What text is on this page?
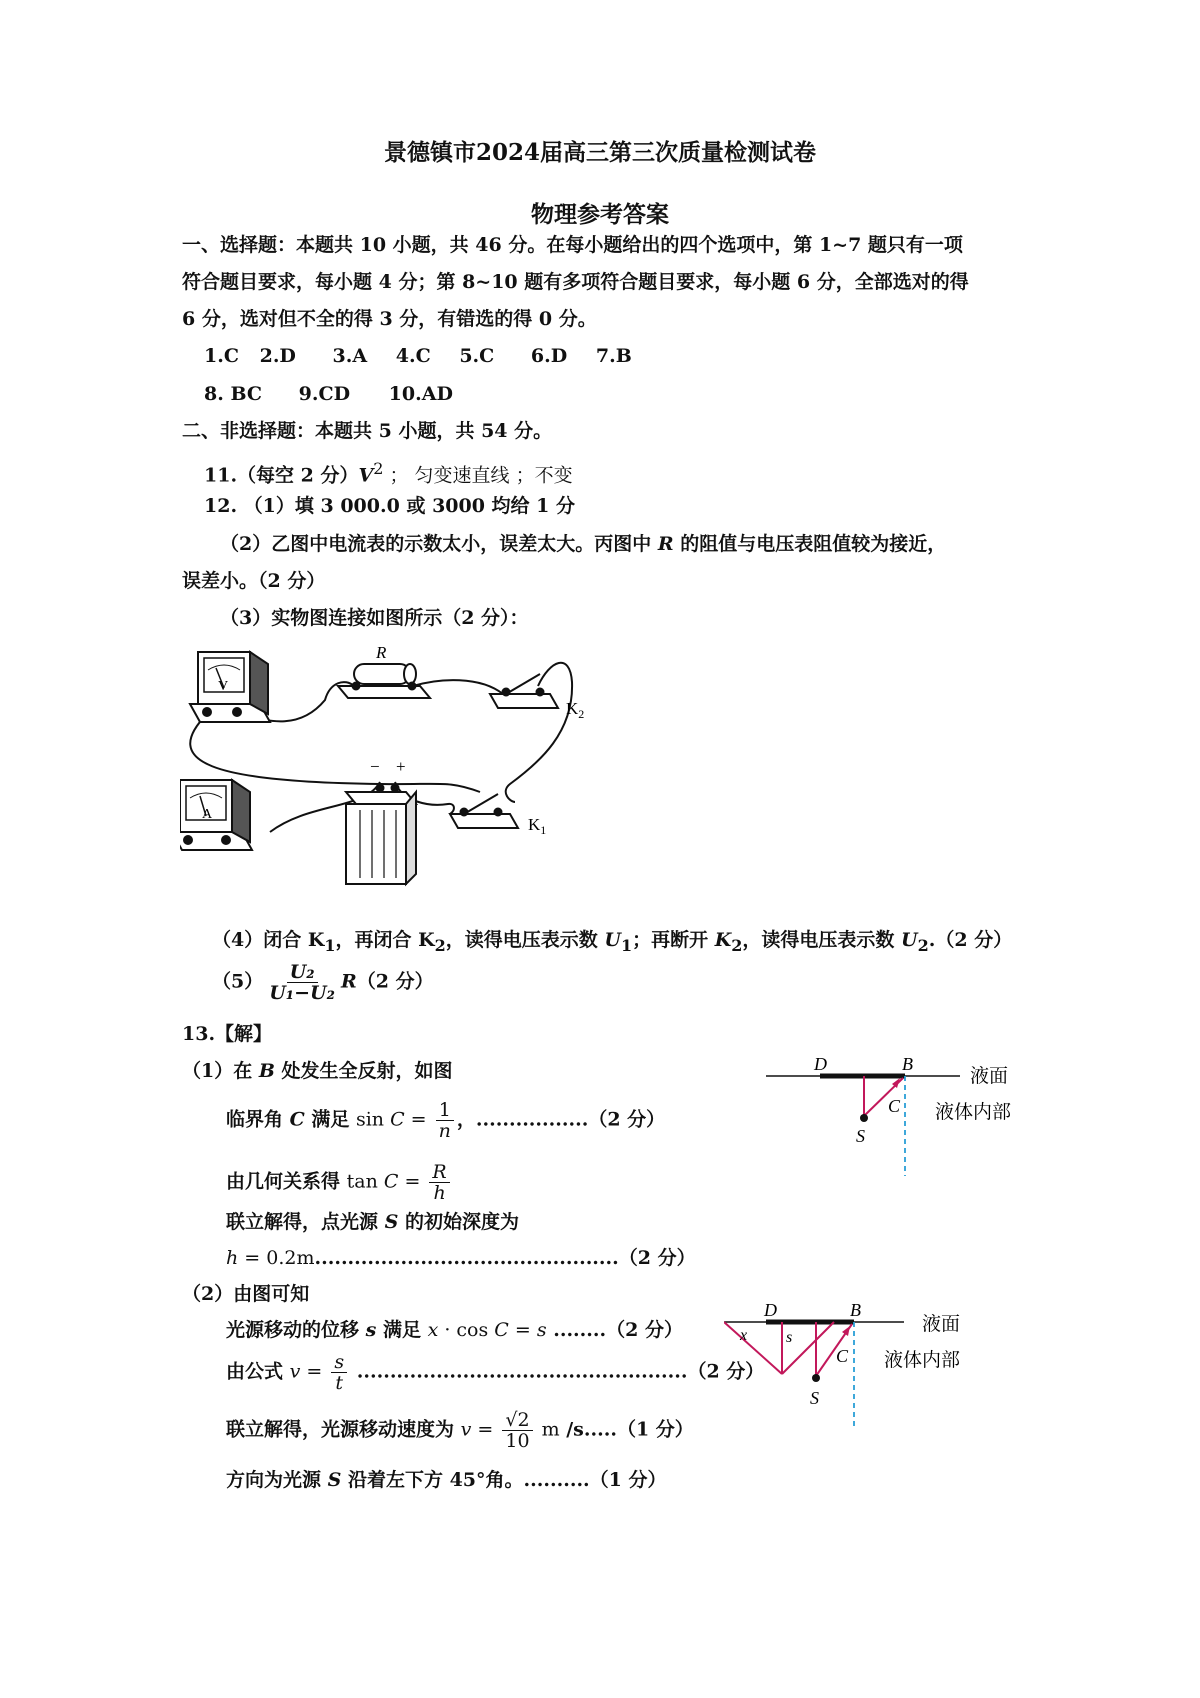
景德镇市2024届高三第三次质量检测试卷
物理参考答案
一、选择题：本题共 10 小题，共 46 分。在每小题给出的四个选项中，第 1~7 题只有一项
符合题目要求，每小题 4 分；第 8~10 题有多项符合题目要求，每小题 6 分，全部选对的得
6 分，选对但不全的得 3 分，有错选的得 0 分。
1.C 2.D 3.A 4.C 5.C 6.D 7.B
8. BC 9.CD 10.AD
二、非选择题：本题共 5 小题，共 54 分。
11.（每空 2 分）$V^2$ ； 匀变速直线 ；不变
12. （1）填 3 000.0 或 3000 均给 1 分
（2）乙图中电流表的示数太小，误差太大。丙图中 R 的阻值与电压表阻值较为接近，
误差小。（2 分）
（3）实物图连接如图所示（2 分）：
V
A
R
$K_2$
$K_1$
− +
（4）闭合 $K_1$，再闭合 $K_2$，读得电压表示数 $U_1$；再断开 $K_2$，读得电压表示数 $U_2.(2$ 分）
$(5) \frac{\text{U₂}}{\text{U₁−U₂}} R(2$ 分）
13.【解】
（1）在 B 处发生全反射，如图
临界角 C 满足 $\sin C = \frac{1}{n}$ ，.................（2 分）
由几何关系得 $\tan C = \frac{R}{h}$
联立解得，点光源 S 的初始深度为
h = 0.2m..............................................（2 分）
（2）由图可知
光源移动的位移 s 满足 x · cos C = s ........（2 分）
由公式 $v = \frac{s}{t} ..................................................(2$ 分）
联立解得，光源移动速度为 $v = \frac{√2}{10}$ m /s.....（1 分）
方向为光源 S 沿着左下方 45°角。..........（1 分）
D	B
C
S
液面
液体内部
D	B
C
S
x s
液面
液体内部
